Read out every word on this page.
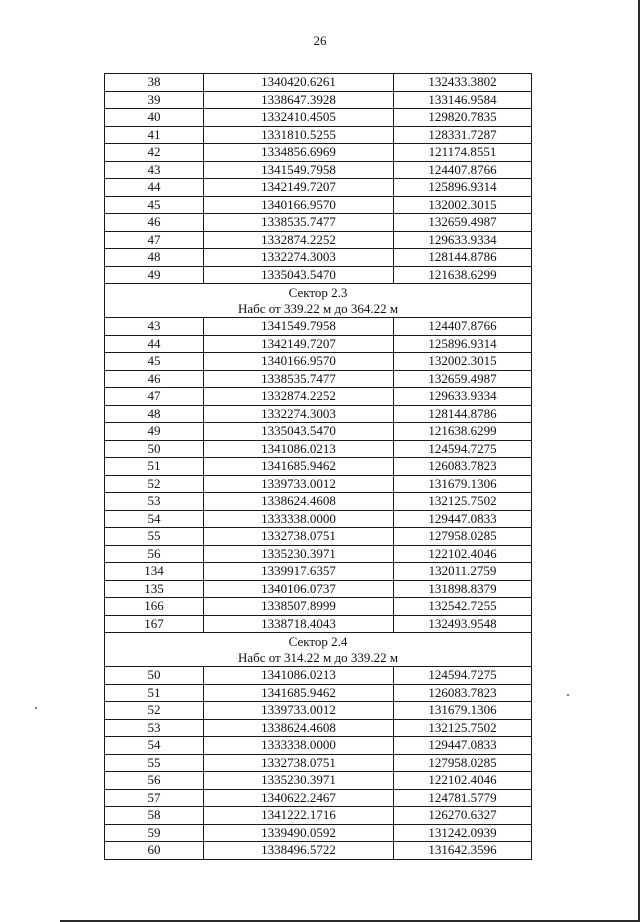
26
38	1340420.6261	132433.3802
39	1338647.3928	133146.9584
40	1332410.4505	129820.7835
41	1331810.5255	128331.7287
42	1334856.6969	121174.8551
43	1341549.7958	124407.8766
44	1342149.7207	125896.9314
45	1340166.9570	132002.3015
46	1338535.7477	132659.4987
47	1332874.2252	129633.9334
48	1332274.3003	128144.8786
49	1335043.5470	121638.6299

Сектор 2.3
Набс от 339.22 м до 364.22 м		

43	1341549.7958	124407.8766
44	1342149.7207	125896.9314
45	1340166.9570	132002.3015
46	1338535.7477	132659.4987
47	1332874.2252	129633.9334
48	1332274.3003	128144.8786
49	1335043.5470	121638.6299
50	1341086.0213	124594.7275
51	1341685.9462	126083.7823
52	1339733.0012	131679.1306
53	1338624.4608	132125.7502
54	1333338.0000	129447.0833
55	1332738.0751	127958.0285
56	1335230.3971	122102.4046
134	1339917.6357	132011.2759
135	1340106.0737	131898.8379
166	1338507.8999	132542.7255
167	1338718.4043	132493.9548

Сектор 2.4
Набс от 314.22 м до 339.22 м		

50	1341086.0213	124594.7275
51	1341685.9462	126083.7823
52	1339733.0012	131679.1306
53	1338624.4608	132125.7502
54	1333338.0000	129447.0833
55	1332738.0751	127958.0285
56	1335230.3971	122102.4046
57	1340622.2467	124781.5779
58	1341222.1716	126270.6327
59	1339490.0592	131242.0939
60	1338496.5722	131642.3596
